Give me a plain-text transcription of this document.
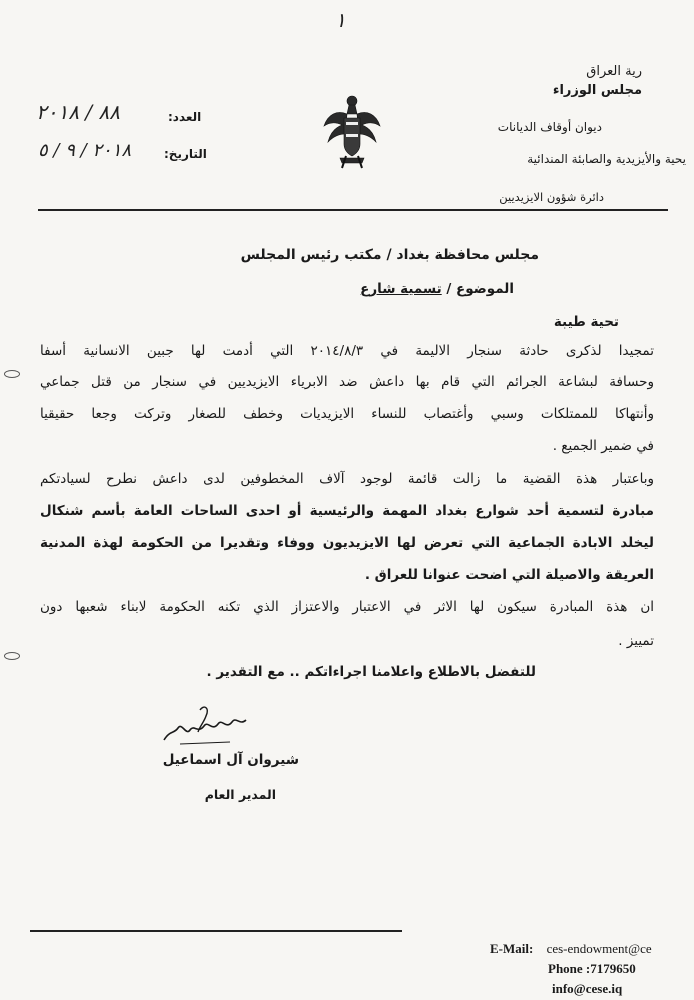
١
رية العراق
مجلس الوزراء
ديوان أوقاف الديانات
يحية والأيزيدية والصابئة المندائية
دائرة شؤون الايزيديين
العدد:
٨٨ / ٢٠١٨
التاريخ:
٢٠١٨ / ٩ / ٥
مجلس محافظة بغداد / مكتب رئيس المجلس
الموضوع / تسمية شارع
تحية طيبة
تمجيدا لذكرى حادثة سنجار الاليمة في ٢٠١٤/٨/٣ التي أدمت لها جبين الانسانية أسفا
وحسافة لبشاعة الجرائم التي قام بها داعش ضد الابرياء الايزيديين في سنجار من قتل جماعي
وأنتهاكا للممتلكات وسبي وأغتصاب للنساء الايزيديات وخطف للصغار وتركت وجعا حقيقيا
في ضمير الجميع .
وباعتبار هذة القضية ما زالت قائمة لوجود آلاف المخطوفين لدى داعش نطرح لسيادتكم
مبادرة لتسمية أحد شوارع بغداد المهمة والرئيسية أو احدى الساحات العامة بأسم شنكال
ليخلد الابادة الجماعية التي تعرض لها الايزيديون ووفاء وتقديرا من الحكومة لهذة المدنية
العريقة والاصيلة التي اضحت عنوانا للعراق .
ان هذة المبادرة سيكون لها الاثر في الاعتبار والاعتزاز الذي تكنه الحكومة لابناء شعبها دون
تمييز .
للتفضل بالاطلاع واعلامنا اجراءاتكم .. مع التقدير .
شيروان آل اسماعيل
المدير العام
E-Mail: ces-endowment@ce
Phone :7179650
info@cese.iq
